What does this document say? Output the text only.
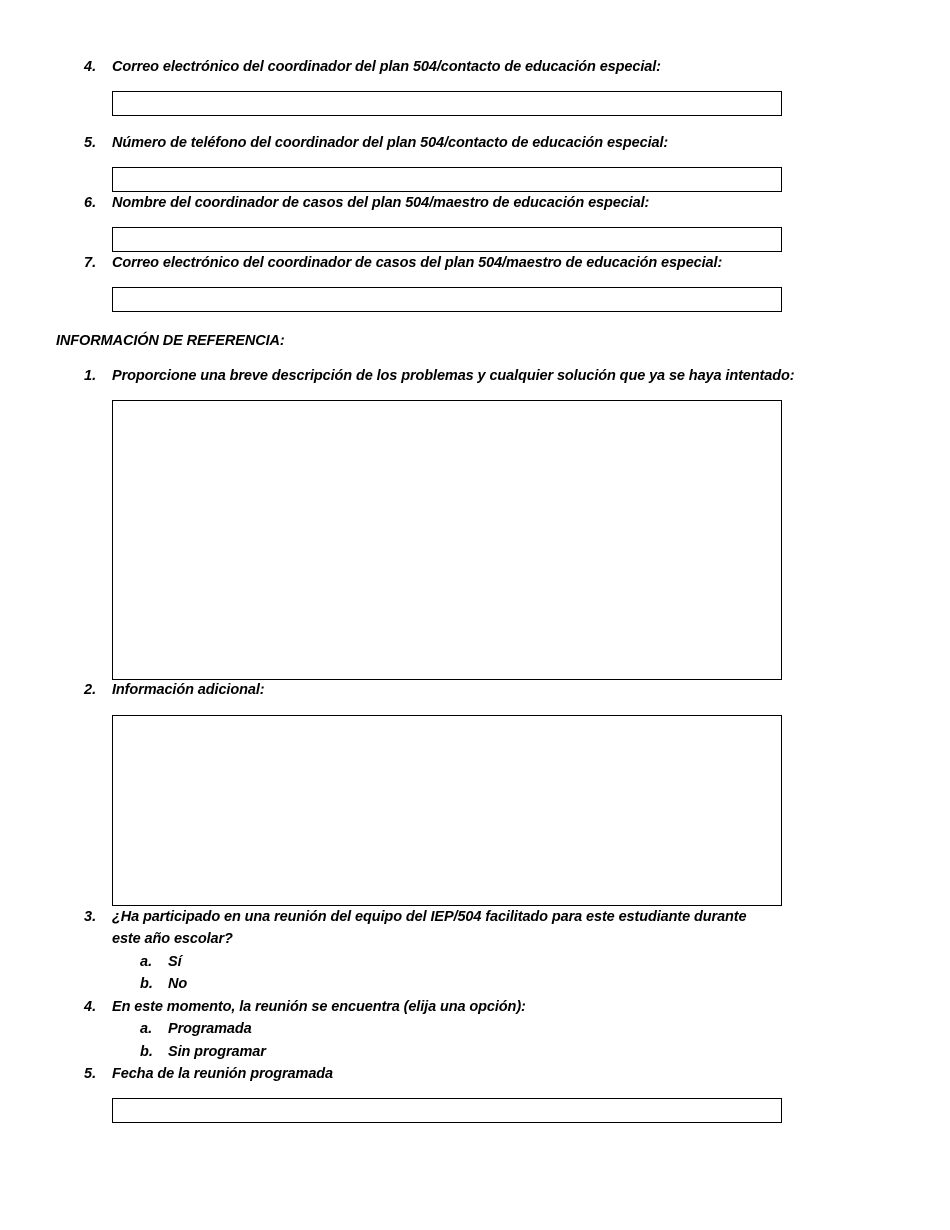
4. Correo electrónico del coordinador del plan 504/contacto de educación especial:
5. Número de teléfono del coordinador del plan 504/contacto de educación especial:
6. Nombre del coordinador de casos del plan 504/maestro de educación especial:
7. Correo electrónico del coordinador de casos del plan 504/maestro de educación especial:
INFORMACIÓN DE REFERENCIA:
1. Proporcione una breve descripción de los problemas y cualquier solución que ya se haya intentado:
2. Información adicional:
3. ¿Ha participado en una reunión del equipo del IEP/504 facilitado para este estudiante durante
este año escolar?
a. Sí
b. No
4. En este momento, la reunión se encuentra (elija una opción):
a. Programada
b. Sin programar
5. Fecha de la reunión programada
